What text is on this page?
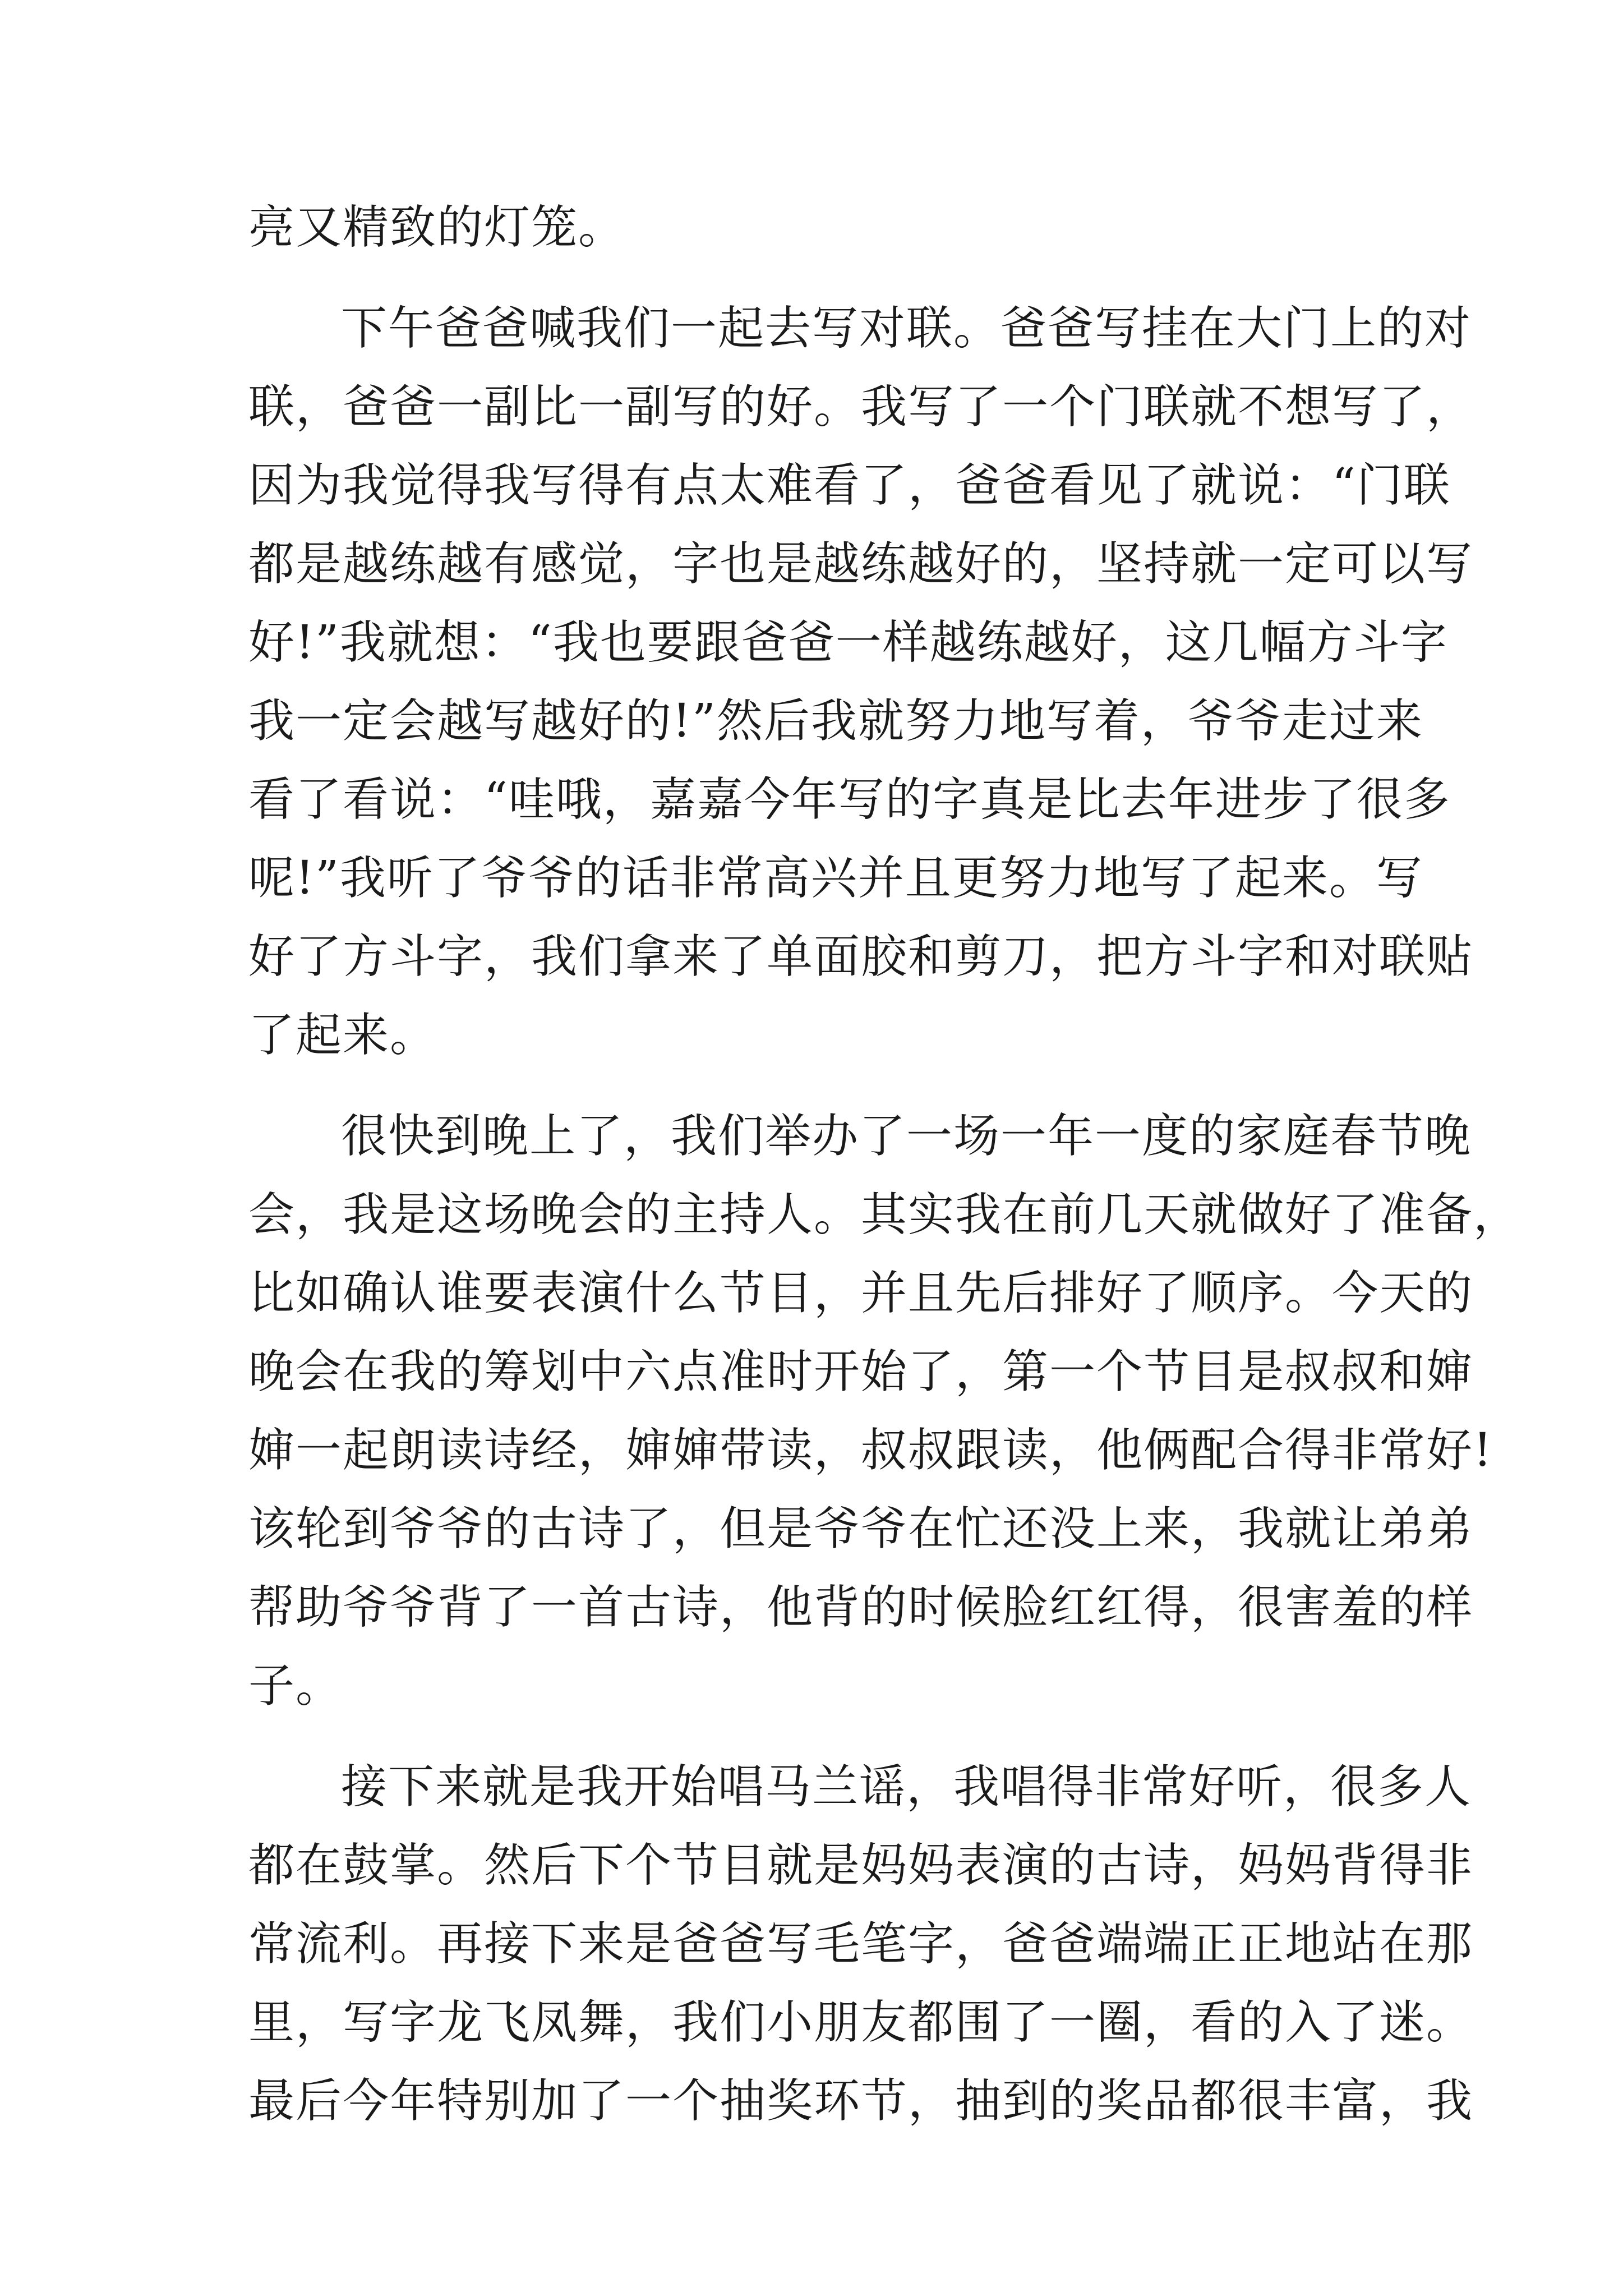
亮又精致的灯笼。
下午爸爸喊我们一起去写对联。爸爸写挂在大门上的对
联，爸爸一副比一副写的好。我写了一个门联就不想写了，
因为我觉得我写得有点太难看了，爸爸看见了就说：“门联
都是越练越有感觉，字也是越练越好的，坚持就一定可以写
好!”我就想：“我也要跟爸爸一样越练越好，这几幅方斗字
我一定会越写越好的!”然后我就努力地写着，爷爷走过来
看了看说：“哇哦，嘉嘉今年写的字真是比去年进步了很多
呢!”我听了爷爷的话非常高兴并且更努力地写了起来。写
好了方斗字，我们拿来了单面胶和剪刀，把方斗字和对联贴
了起来。
很快到晚上了，我们举办了一场一年一度的家庭春节晚
会，我是这场晚会的主持人。其实我在前几天就做好了准备，
比如确认谁要表演什么节目，并且先后排好了顺序。今天的
晚会在我的筹划中六点准时开始了，第一个节目是叔叔和婶
婶一起朗读诗经，婶婶带读，叔叔跟读，他俩配合得非常好!
该轮到爷爷的古诗了，但是爷爷在忙还没上来，我就让弟弟
帮助爷爷背了一首古诗，他背的时候脸红红得，很害羞的样
子。
接下来就是我开始唱马兰谣，我唱得非常好听，很多人
都在鼓掌。然后下个节目就是妈妈表演的古诗，妈妈背得非
常流利。再接下来是爸爸写毛笔字，爸爸端端正正地站在那
里，写字龙飞凤舞，我们小朋友都围了一圈，看的入了迷。
最后今年特别加了一个抽奖环节，抽到的奖品都很丰富，我
